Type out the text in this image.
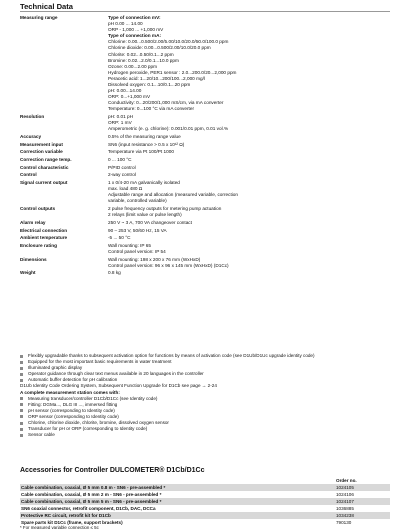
Technical Data
Measuring range	Type of connection mV:
pH 0.00 ... 14.00
ORP - 1,000 ... +1,000 mV
Type of connection mA:
Chlorine: 0.00...0.500/2.00/5.00/10.0/20.0/50.0/100.0 ppm
Chlorine dioxide: 0.00...0.500/2.00/10.0/20.0 ppm
Chlorite: 0.02...0.50/0.1...2 ppm
Bromine: 0.02...2.0/0.1...10.0 ppm
Ozone: 0.00...2.00 ppm
Hydrogen peroxide, PER1 sensor : 2.0...200.0/20...2,000 ppm
Peracetic acid: 1...20/10...200/100...2,000 mg/l
Dissolved oxygen: 0.1...10/0.1...20 ppm
pH: 0.00...14.00
ORP: 0...+1,000 mV
Conductivity: 0...20/200/1,000 mS/cm, via mA converter
Temperature: 0...100 °C via mA converter
Resolution	pH: 0.01 pH
ORP: 1 mV
Amperometric (e. g. chlorine): 0.001/0.01 ppm, 0.01 vol.%
Accuracy	0.5% of the measuring range value
Measurement input	SN6 (input resistance > 0.5 x 10¹² Ω)
Correction variable	Temperature via Pt 100/Pt 1000
Correction range temp.	0 ... 100 °C
Control characteristic	P/PID control
Control	2-way control
Signal current output	1 x 0/4-20 mA galvanically isolated
max. load 480 Ω
Adjustable range and allocation (measured variable, correction
variable, controlled variable)
Control outputs	2 pulse frequency outputs for metering pump actuation
2 relays (limit value or pulse length)
Alarm relay	250 V ~ 3 A, 700 VA changeover contact
Electrical connection	90 – 253 V, 50/60 Hz, 15 VA
Ambient temperature	-5 ... 50 °C
Enclosure rating	Wall mounting: IP 65
Control panel version: IP 54
Dimensions	Wall mounting: 198 x 200 x 76 mm (WxHxD)
Control panel version: 96 x 96 x 145 mm (WxHxD) (D1Cc)
Weight	0.8 kg
Flexibly upgradable thanks to subsequent activation option for functions by means of activation code (see D1Ub/D1Uc upgrade identity code)
Equipped for the most important basic requirements in water treatment
Illuminated graphic display
Operator guidance through clear text menus available in 20 languages in the controller
Automatic buffer detection for pH calibration
D1Ub Identity Code Ordering System, Subsequent Function Upgrade for D1Cb see page → 2-24
A complete measurement station comes with:
Measuring transducer/controller D1Cb/D1Cc (see Identity code)
Fitting: DGMa..., DLG III ..., immersed fitting
pH sensor (corresponding to Identity code)
ORP sensor (corresponding to Identity code)
Chlorine, chlorine dioxide, chlorite, bromine, dissolved oxygen sensor
Transducer for pH or ORP (corresponding to Identity code)
Sensor cable
Accessories for Controller DULCOMETER® D1Cb/D1Cc
Order no.
Cable combination, coaxial, Ø 5 mm 0.8 m - SN6 - pre-assembled *	1024105
Cable combination, coaxial, Ø 5 mm 2 m - SN6 - pre-assembled *	1024106
Cable combination, coaxial, Ø 5 mm 5 m - SN6 - pre-assembled *	1024107
SN6 coaxial connector, retrofit component, D1Cb, DAC, DCCa	1036885
Protective RC circuit, retrofit kit for D1Cb	1034238
Spare parts kit D1Cc (frame, support brackets)	790130
* For measured variable connection ≤ 5c
